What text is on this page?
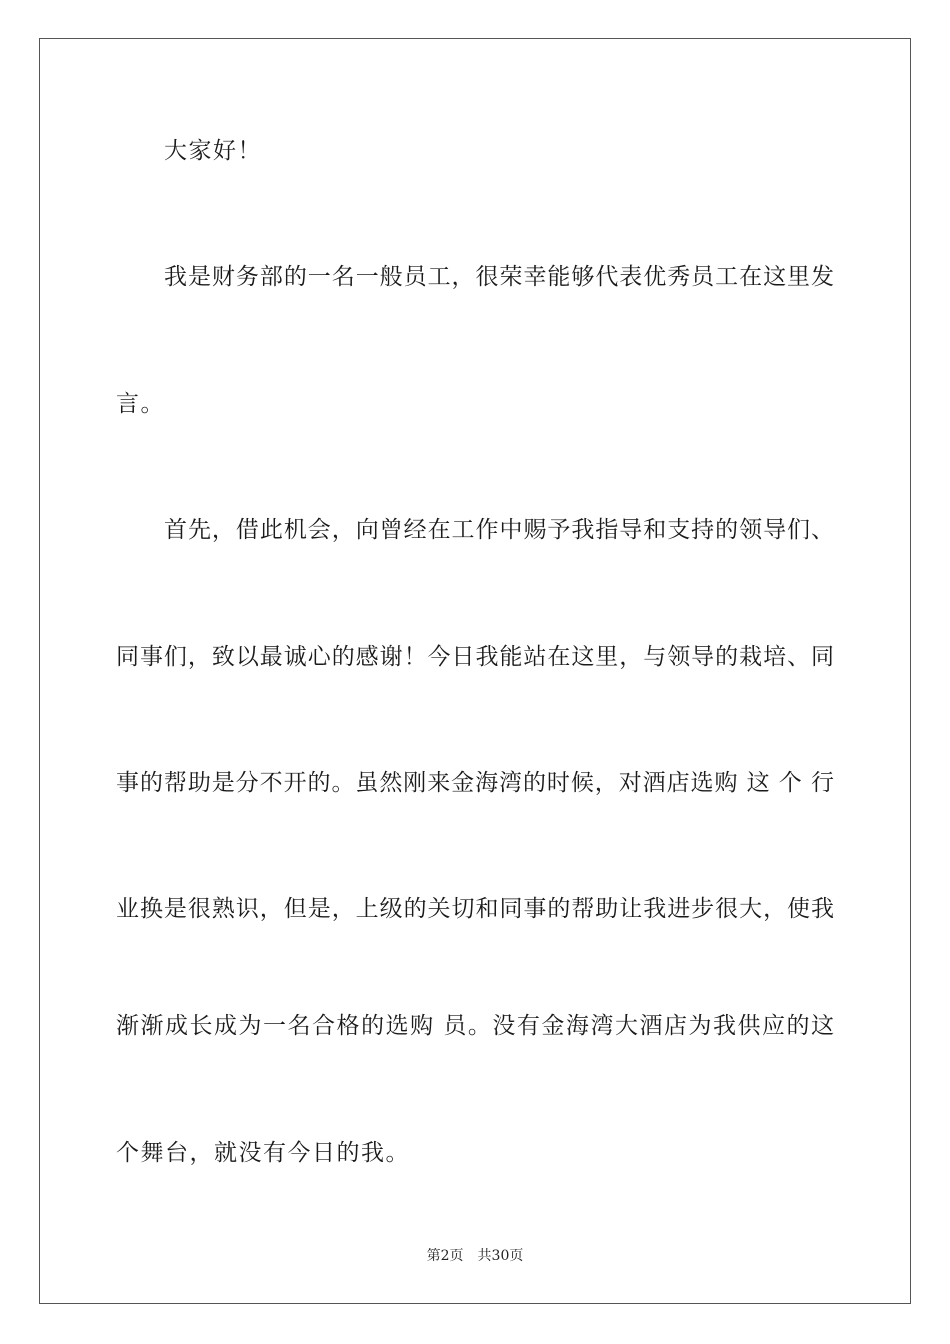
大家好！
我是财务部的一名一般员工，很荣幸能够代表优秀员工在这里发
言。
首先，借此机会，向曾经在工作中赐予我指导和支持的领导们、
同事们，致以最诚心的感谢！今日我能站在这里，与领导的栽培、同
事的帮助是分不开的。虽然刚来金海湾的时候，对酒店选购 这 个 行
业换是很熟识，但是，上级的关切和同事的帮助让我进步很大，使我
渐渐成长成为一名合格的选购 员。没有金海湾大酒店为我供应的这
个舞台，就没有今日的我。
第2页 共30页
